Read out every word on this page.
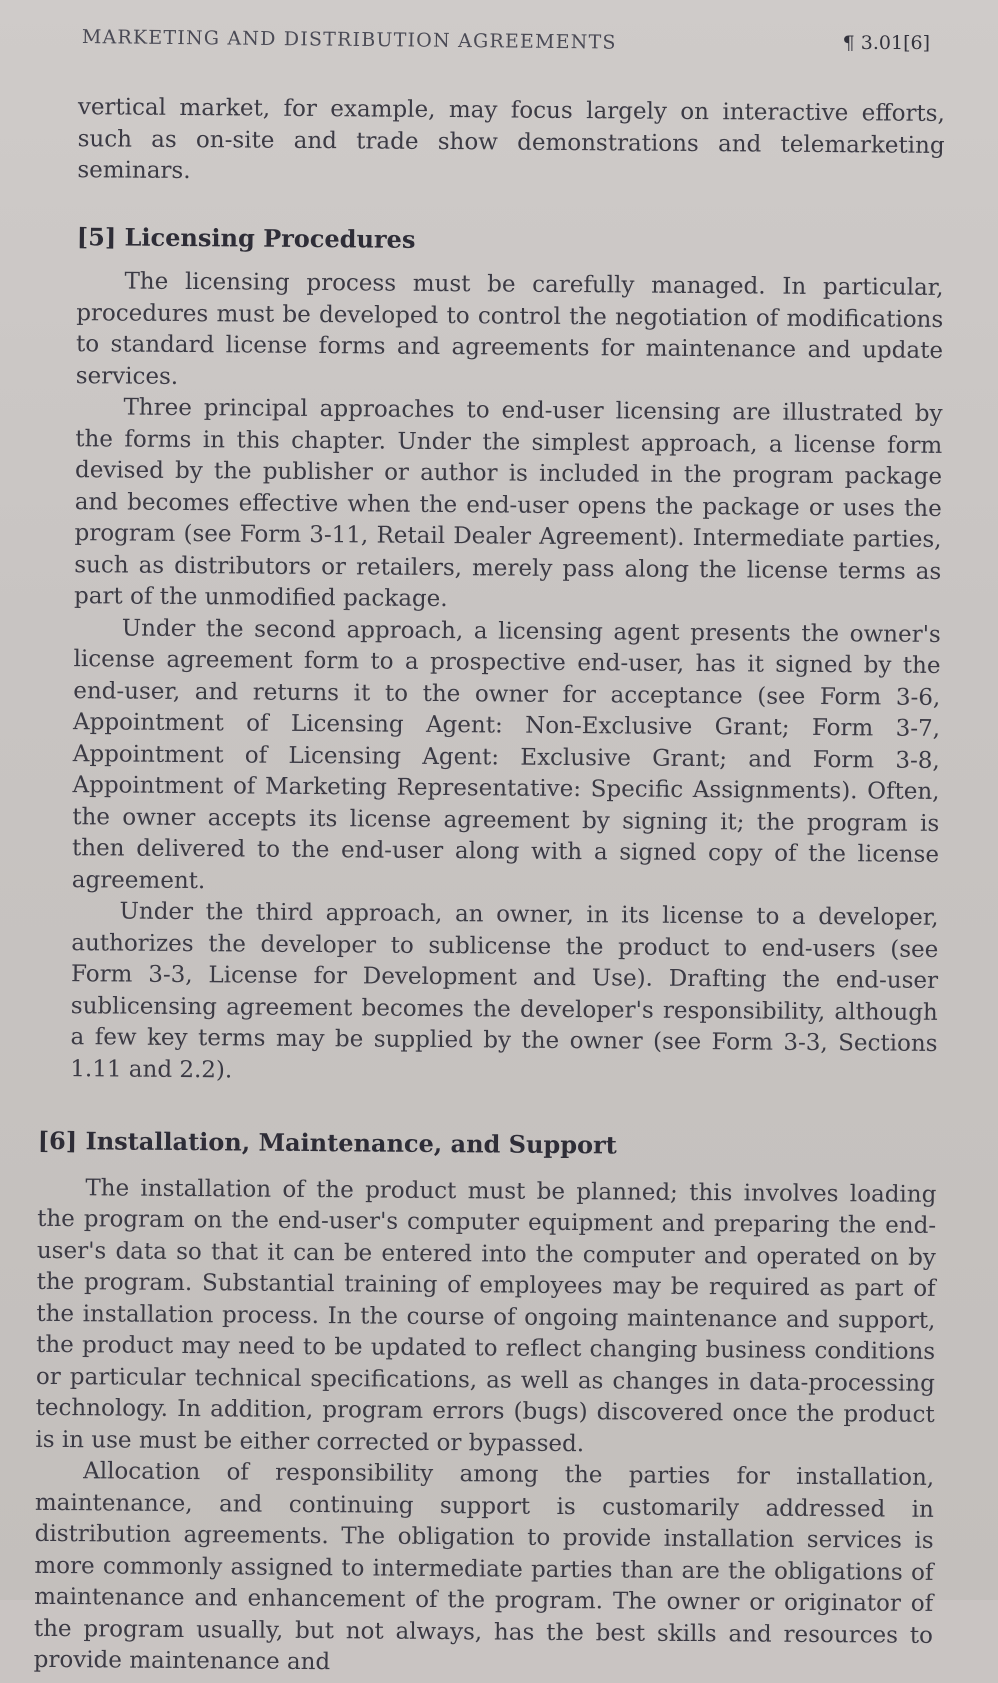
MARKETING AND DISTRIBUTION AGREEMENTS	¶ 3.01[6]

vertical market, for example, may focus largely on interactive efforts, such as on-site and trade show demonstrations and telemarketing seminars.

[5] Licensing Procedures

The licensing process must be carefully managed. In particular, procedures must be developed to control the negotiation of modifications to standard license forms and agreements for maintenance and update services.

Three principal approaches to end-user licensing are illustrated by the forms in this chapter. Under the simplest approach, a license form devised by the publisher or author is included in the program package and becomes effective when the end-user opens the package or uses the program (see Form 3-11, Retail Dealer Agreement). Intermediate parties, such as distributors or retailers, merely pass along the license terms as part of the unmodified package.

Under the second approach, a licensing agent presents the owner's license agreement form to a prospective end-user, has it signed by the end-user, and returns it to the owner for acceptance (see Form 3-6, Appointment of Licensing Agent: Non-Exclusive Grant; Form 3-7, Appointment of Licensing Agent: Exclusive Grant; and Form 3-8, Appointment of Marketing Representative: Specific Assignments). Often, the owner accepts its license agreement by signing it; the program is then delivered to the end-user along with a signed copy of the license agreement.

Under the third approach, an owner, in its license to a developer, authorizes the developer to sublicense the product to end-users (see Form 3-3, License for Development and Use). Drafting the end-user sublicensing agreement becomes the developer's responsibility, although a few key terms may be supplied by the owner (see Form 3-3, Sections 1.11 and 2.2).

[6] Installation, Maintenance, and Support

The installation of the product must be planned; this involves loading the program on the end-user's computer equipment and preparing the end-user's data so that it can be entered into the computer and operated on by the program. Substantial training of employees may be required as part of the installation process. In the course of ongoing maintenance and support, the product may need to be updated to reflect changing business conditions or particular technical specifications, as well as changes in data-processing technology. In addition, program errors (bugs) discovered once the product is in use must be either corrected or bypassed.

Allocation of responsibility among the parties for installation, maintenance, and continuing support is customarily addressed in distribution agreements. The obligation to provide installation services is more commonly assigned to intermediate parties than are the obligations of maintenance and enhancement of the program. The owner or originator of the program usually, but not always, has the best skills and resources to provide maintenance and
